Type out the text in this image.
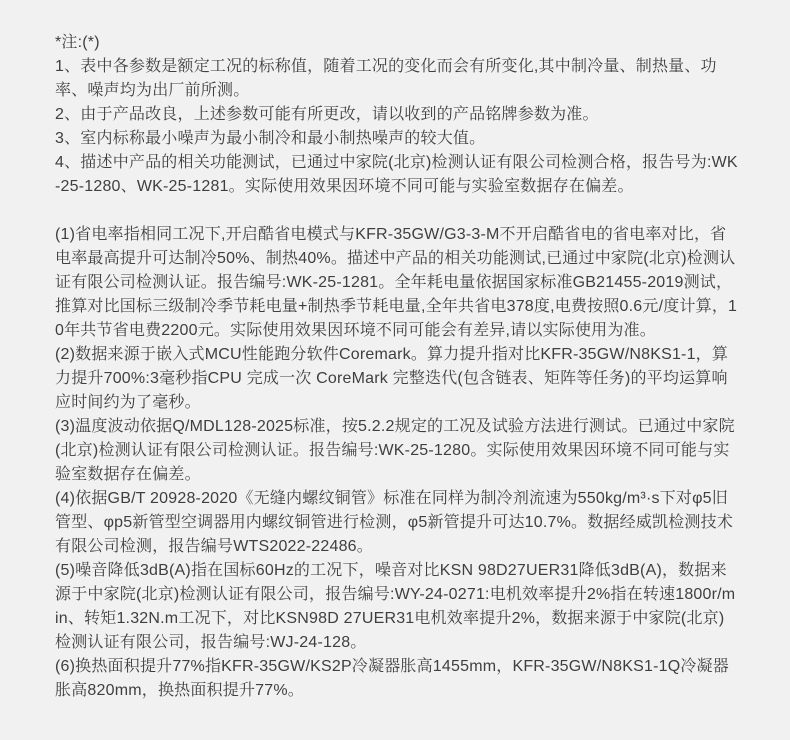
*注:(*)

1、表中各参数是额定工况的标称值，随着工况的变化而会有所变化,其中制冷量、制热量、功率、噪声均为出厂前所测。

2、由于产品改良，上述参数可能有所更改，请以收到的产品铭牌参数为准。

3、室内标称最小噪声为最小制冷和最小制热噪声的较大值。

4、描述中产品的相关功能测试，已通过中家院(北京)检测认证有限公司检测合格，报告号为:WK-25-1280、WK-25-1281。实际使用效果因环境不同可能与实验室数据存在偏差。

(1)省电率指相同工况下,开启酷省电模式与KFR-35GW/G3-3-M不开启酷省电的省电率对比，省电率最高提升可达制冷50%、制热40%。描述中产品的相关功能测试,已通过中家院(北京)检测认证有限公司检测认证。报告编号:WK-25-1281。全年耗电量依据国家标准GB21455-2019测试，推算对比国标三级制冷季节耗电量+制热季节耗电量,全年共省电378度,电费按照0.6元/度计算，10年共节省电费2200元。实际使用效果因环境不同可能会有差异,请以实际使用为准。

(2)数据来源于嵌入式MCU性能跑分软件Coremark。算力提升指对比KFR-35GW/N8KS1-1，算力提升700%:3毫秒指CPU 完成一次 CoreMark 完整迭代(包含链表、矩阵等任务)的平均运算响应时间约为了毫秒。

(3)温度波动依据Q/MDL128-2025标准，按5.2.2规定的工况及试验方法进行测试。已通过中家院(北京)检测认证有限公司检测认证。报告编号:WK-25-1280。实际使用效果因环境不同可能与实验室数据存在偏差。

(4)依据GB/T 20928-2020《无缝内螺纹铜管》标准在同样为制冷剂流速为550kg/m³·s下对φ5旧管型、φp5新管型空调器用内螺纹铜管进行检测，φ5新管提升可达10.7%。数据经威凯检测技术有限公司检测，报告编号WTS2022-22486。

(5)噪音降低3dB(A)指在国标60Hz的工况下，噪音对比KSN 98D27UER31降低3dB(A)，数据来源于中家院(北京)检测认证有限公司，报告编号:WY-24-0271:电机效率提升2%指在转速1800r/min、转矩1.32N.m工况下，对比KSN98D 27UER31电机效率提升2%，数据来源于中家院(北京)检测认证有限公司，报告编号:WJ-24-128。

(6)换热面积提升77%指KFR-35GW/KS2P冷凝器胀高1455mm，KFR-35GW/N8KS1-1Q冷凝器胀高820mm，换热面积提升77%。
